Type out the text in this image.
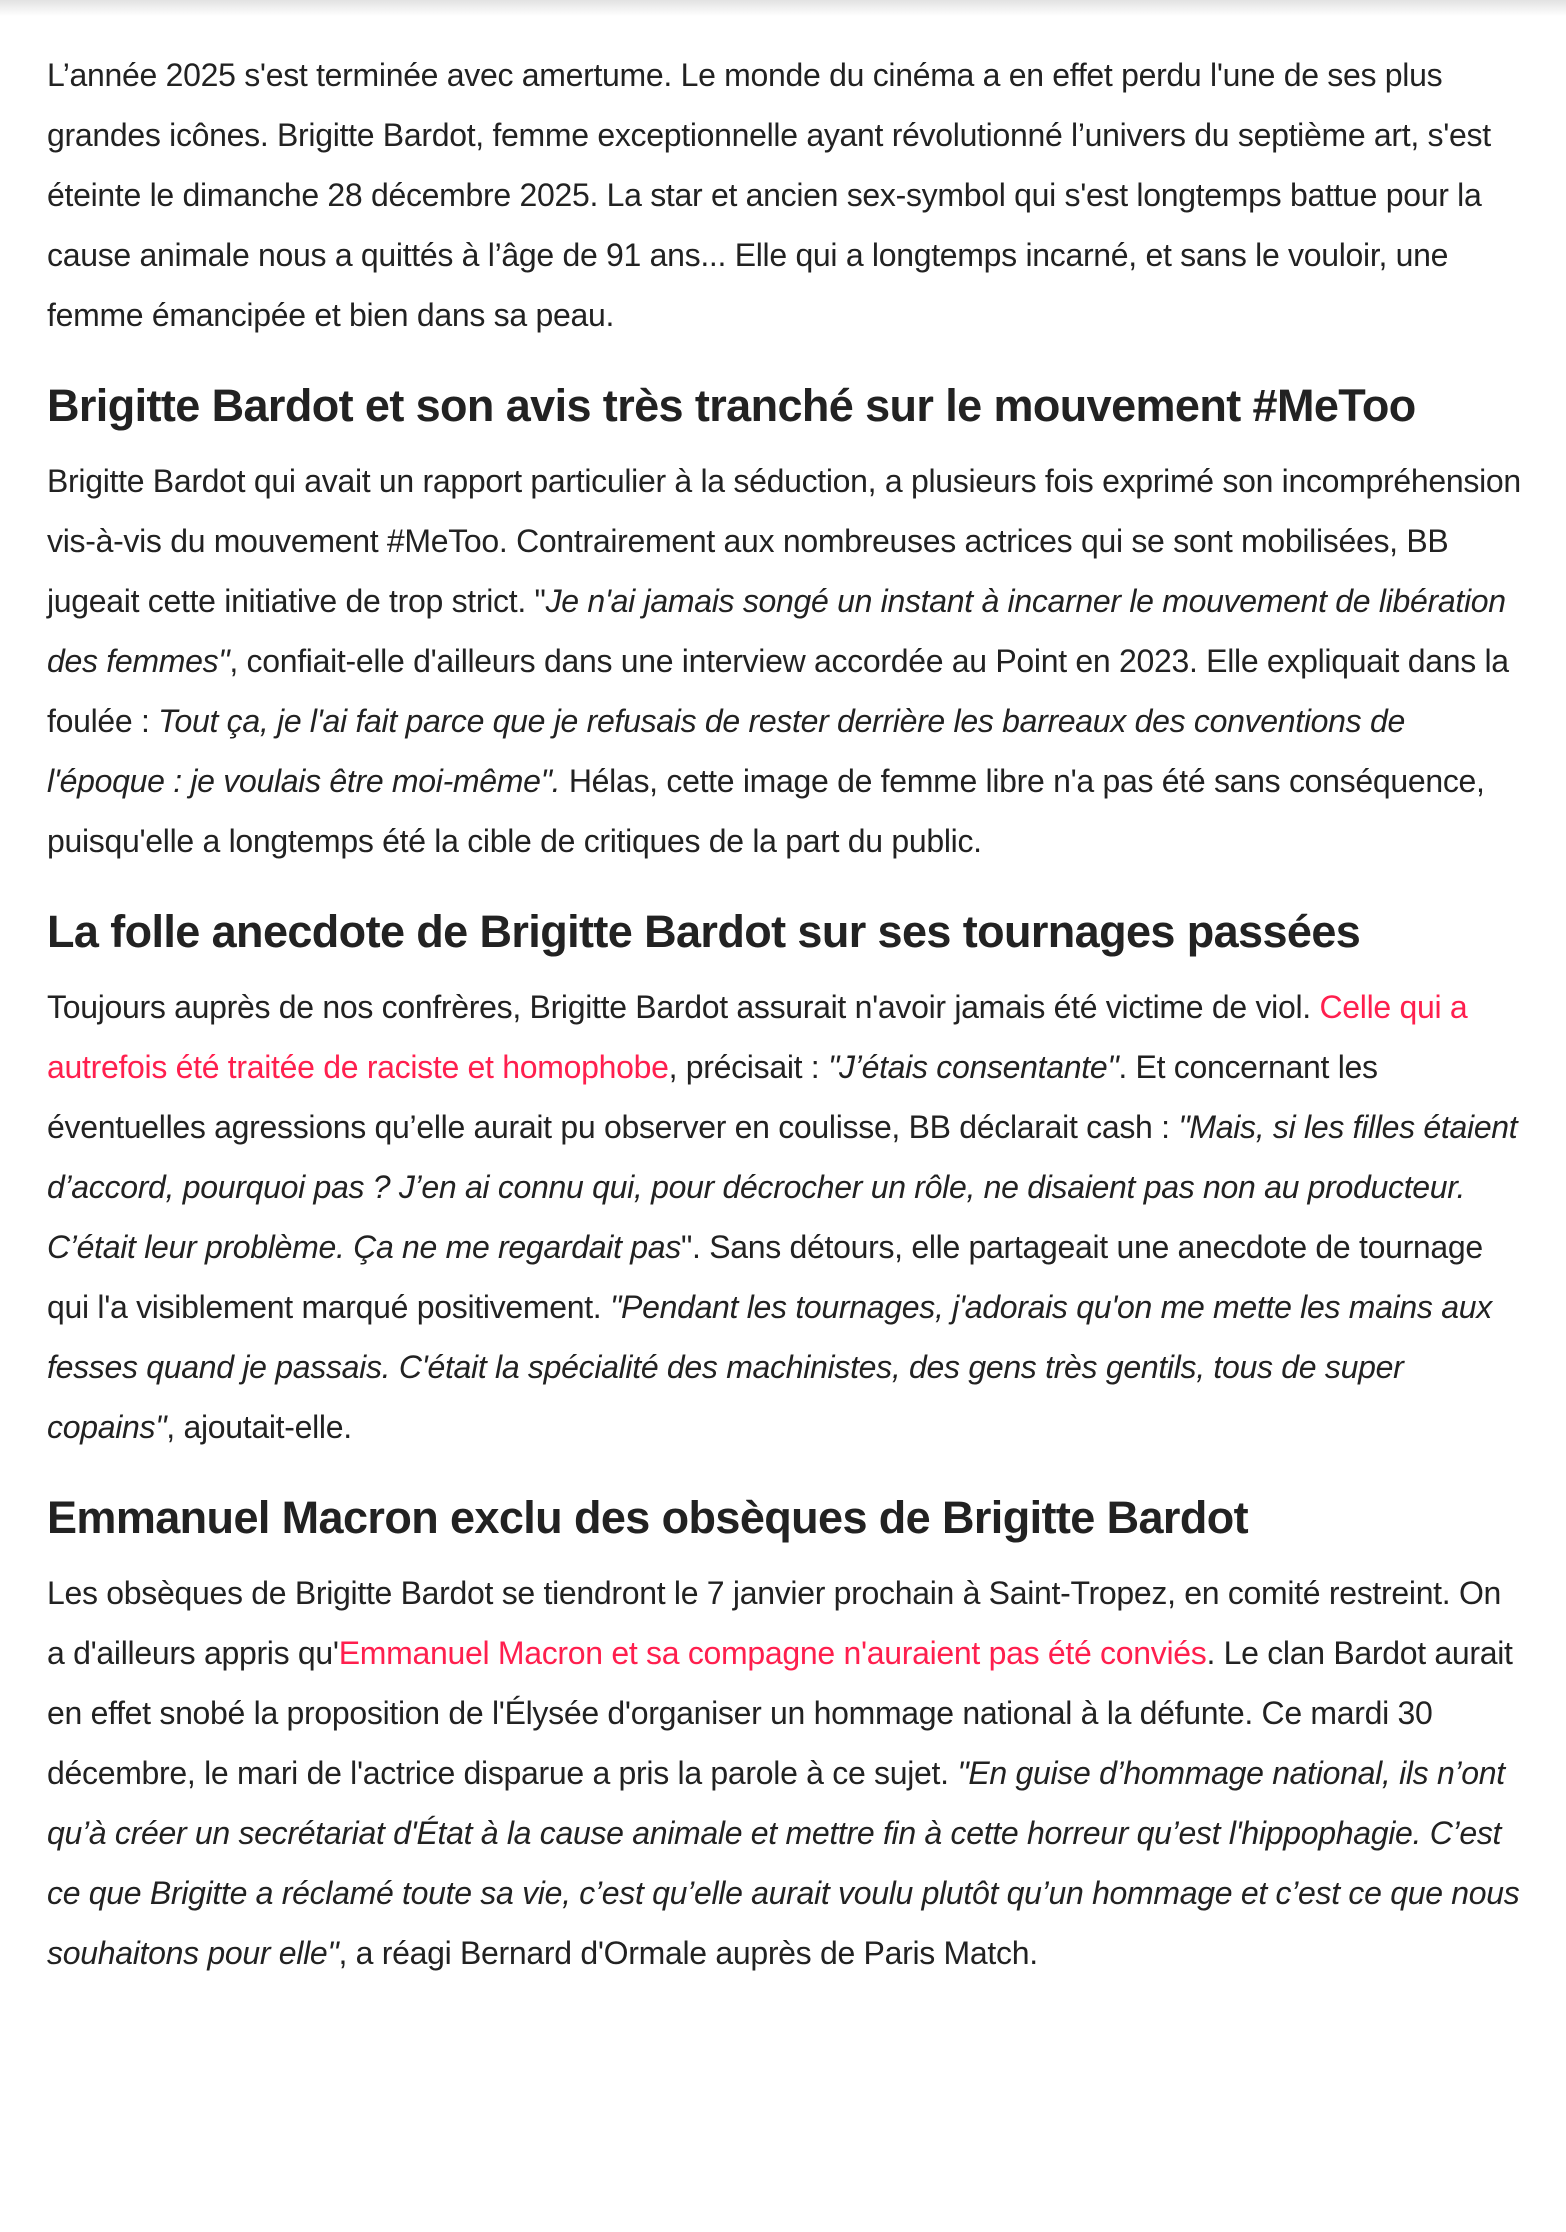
L’année 2025 s'est terminée avec amertume. Le monde du cinéma a en effet perdu l'une de ses plus grandes icônes. Brigitte Bardot, femme exceptionnelle ayant révolutionné l’univers du septième art, s'est éteinte le dimanche 28 décembre 2025. La star et ancien sex-symbol qui s'est longtemps battue pour la cause animale nous a quittés à l’âge de 91 ans... Elle qui a longtemps incarné, et sans le vouloir, une femme émancipée et bien dans sa peau.

Brigitte Bardot et son avis très tranché sur le mouvement #MeToo

Brigitte Bardot qui avait un rapport particulier à la séduction, a plusieurs fois exprimé son incompréhension vis-à-vis du mouvement #MeToo. Contrairement aux nombreuses actrices qui se sont mobilisées, BB jugeait cette initiative de trop strict. "Je n'ai jamais songé un instant à incarner le mouvement de libération des femmes", confiait-elle d'ailleurs dans une interview accordée au Point en 2023. Elle expliquait dans la foulée : Tout ça, je l'ai fait parce que je refusais de rester derrière les barreaux des conventions de l'époque : je voulais être moi-même". Hélas, cette image de femme libre n'a pas été sans conséquence, puisqu'elle a longtemps été la cible de critiques de la part du public.

La folle anecdote de Brigitte Bardot sur ses tournages passées

Toujours auprès de nos confrères, Brigitte Bardot assurait n'avoir jamais été victime de viol. Celle qui a autrefois été traitée de raciste et homophobe, précisait : "J’étais consentante". Et concernant les éventuelles agressions qu’elle aurait pu observer en coulisse, BB déclarait cash : "Mais, si les filles étaient d’accord, pourquoi pas ? J’en ai connu qui, pour décrocher un rôle, ne disaient pas non au producteur. C’était leur problème. Ça ne me regardait pas". Sans détours, elle partageait une anecdote de tournage qui l'a visiblement marqué positivement. "Pendant les tournages, j'adorais qu'on me mette les mains aux fesses quand je passais. C'était la spécialité des machinistes, des gens très gentils, tous de super copains", ajoutait-elle.

Emmanuel Macron exclu des obsèques de Brigitte Bardot

Les obsèques de Brigitte Bardot se tiendront le 7 janvier prochain à Saint-Tropez, en comité restreint. On a d'ailleurs appris qu'Emmanuel Macron et sa compagne n'auraient pas été conviés. Le clan Bardot aurait en effet snobé la proposition de l'Élysée d'organiser un hommage national à la défunte. Ce mardi 30 décembre, le mari de l'actrice disparue a pris la parole à ce sujet. "En guise d’hommage national, ils n’ont qu’à créer un secrétariat d'État à la cause animale et mettre fin à cette horreur qu’est l'hippophagie. C’est ce que Brigitte a réclamé toute sa vie, c’est qu’elle aurait voulu plutôt qu’un hommage et c’est ce que nous souhaitons pour elle", a réagi Bernard d'Ormale auprès de Paris Match.
